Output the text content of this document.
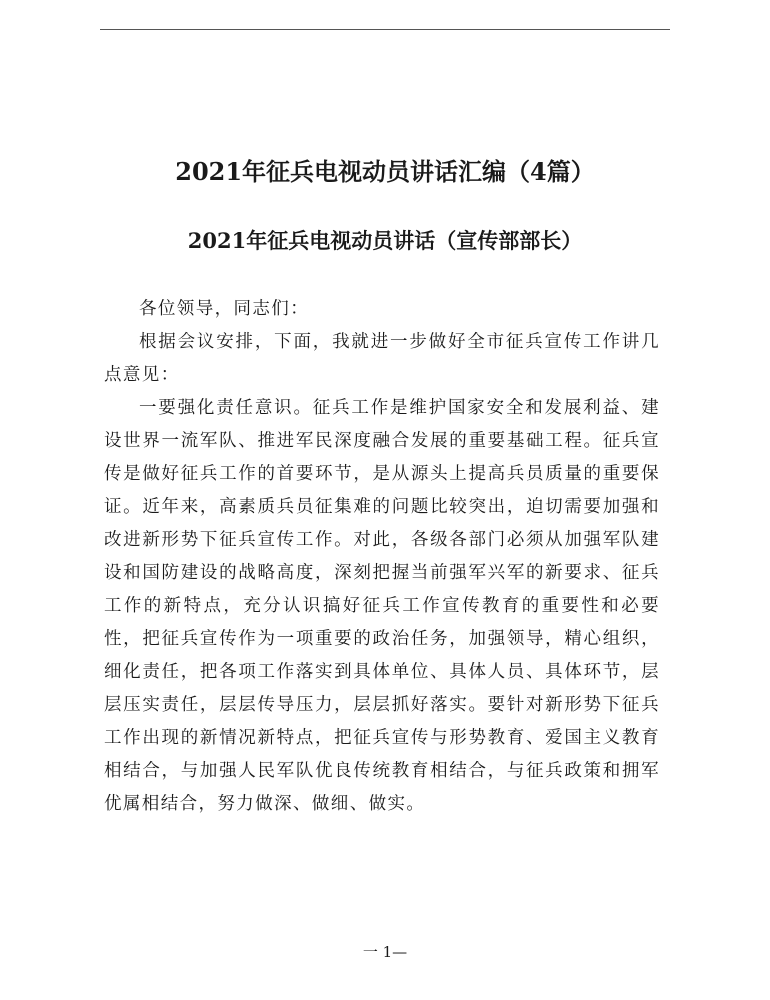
2021年征兵电视动员讲话汇编（4篇）
2021年征兵电视动员讲话（宣传部部长）

各位领导，同志们：

根据会议安排，下面，我就进一步做好全市征兵宣传工作讲几点意见：

一要强化责任意识。征兵工作是维护国家安全和发展利益、建设世界一流军队、推进军民深度融合发展的重要基础工程。征兵宣传是做好征兵工作的首要环节，是从源头上提高兵员质量的重要保证。近年来，高素质兵员征集难的问题比较突出，迫切需要加强和改进新形势下征兵宣传工作。对此，各级各部门必须从加强军队建设和国防建设的战略高度，深刻把握当前强军兴军的新要求、征兵工作的新特点，充分认识搞好征兵工作宣传教育的重要性和必要性，把征兵宣传作为一项重要的政治任务，加强领导，精心组织，细化责任，把各项工作落实到具体单位、具体人员、具体环节，层层压实责任，层层传导压力，层层抓好落实。要针对新形势下征兵工作出现的新情况新特点，把征兵宣传与形势教育、爱国主义教育相结合，与加强人民军队优良传统教育相结合，与征兵政策和拥军优属相结合，努力做深、做细、做实。

一 1—
